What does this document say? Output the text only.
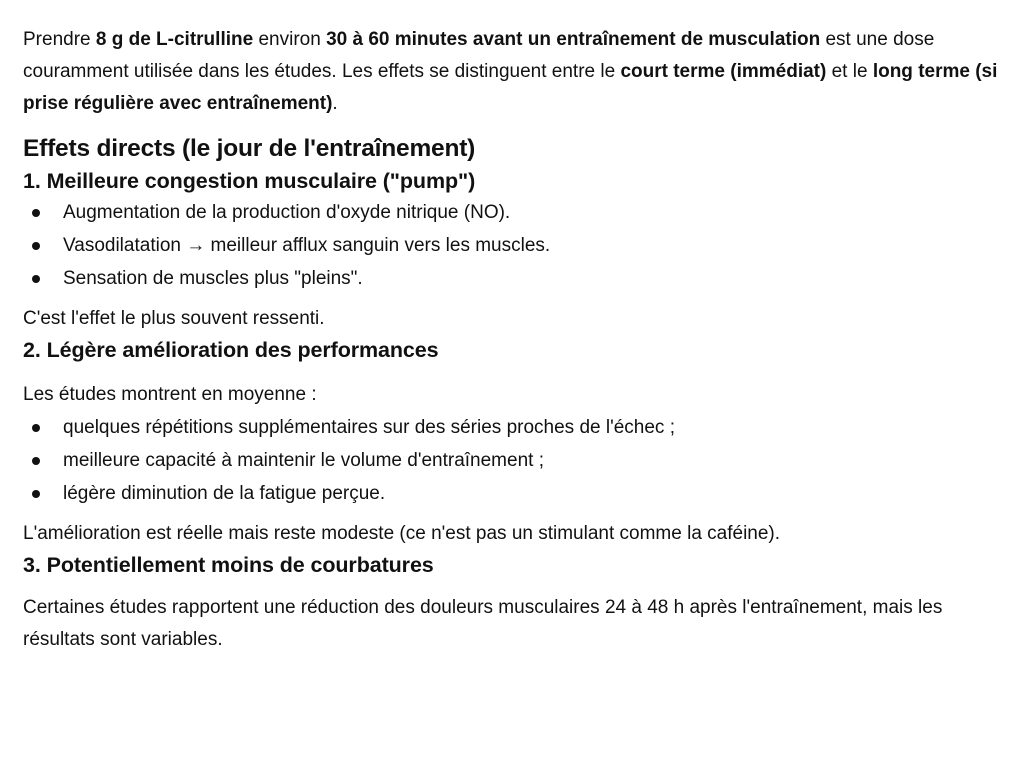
Prendre 8 g de L-citrulline environ 30 à 60 minutes avant un entraînement de musculation est une dose couramment utilisée dans les études. Les effets se distinguent entre le court terme (immédiat) et le long terme (si prise régulière avec entraînement).

Effets directs (le jour de l'entraînement)
1. Meilleure congestion musculaire ("pump")
Augmentation de la production d'oxyde nitrique (NO).
Vasodilatation → meilleur afflux sanguin vers les muscles.
Sensation de muscles plus "pleins".

C'est l'effet le plus souvent ressenti.

2. Légère amélioration des performances

Les études montrent en moyenne :

quelques répétitions supplémentaires sur des séries proches de l'échec ;
meilleure capacité à maintenir le volume d'entraînement ;
légère diminution de la fatigue perçue.

L'amélioration est réelle mais reste modeste (ce n'est pas un stimulant comme la caféine).

3. Potentiellement moins de courbatures

Certaines études rapportent une réduction des douleurs musculaires 24 à 48 h après l'entraînement, mais les résultats sont variables.
